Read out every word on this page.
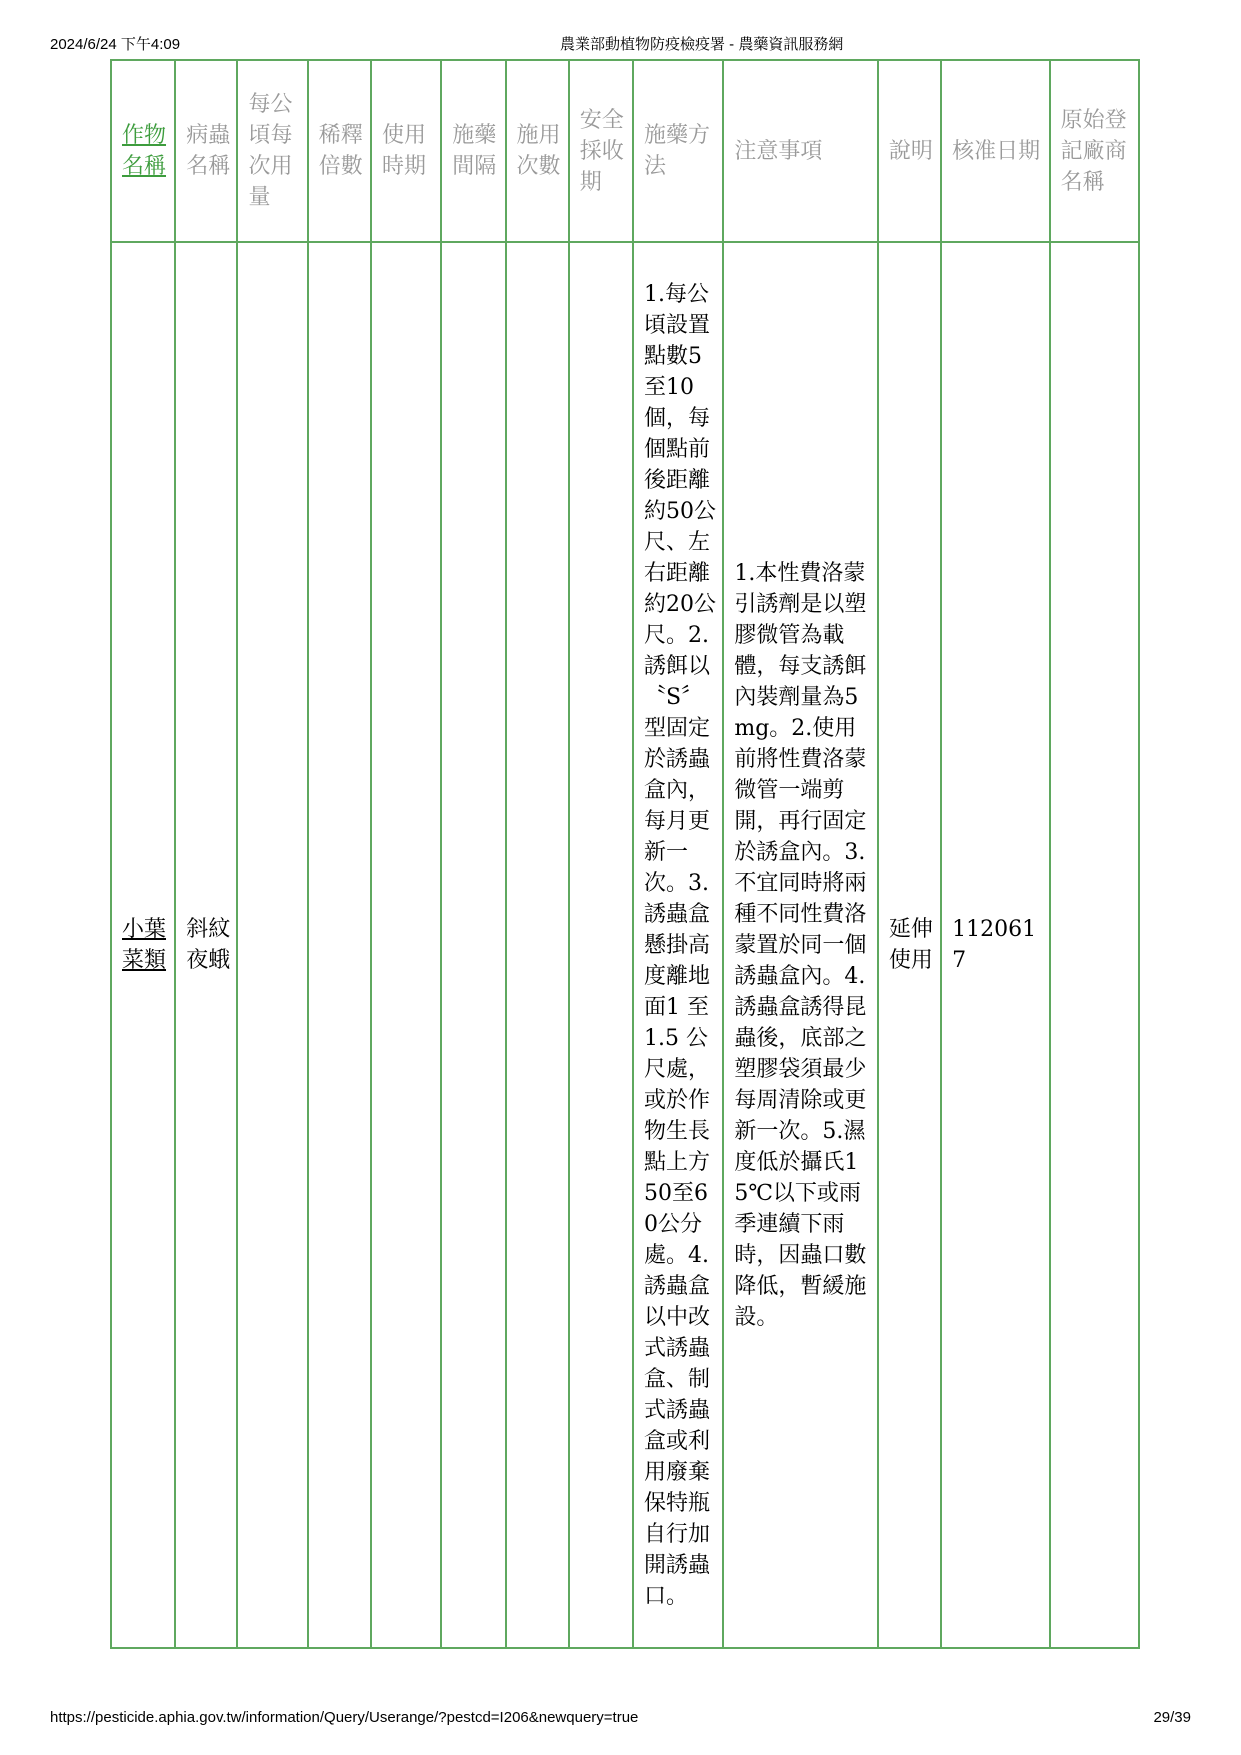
2024/6/24 下午4:09	農業部動植物防疫檢疫署 - 農藥資訊服務網
作物名稱	病蟲名稱	每公頃每次用量	稀釋倍數	使用時期	施藥間隔	施用次數	安全採收期	施藥方法	注意事項	說明	核准日期	原始登記廠商名稱
小葉菜類	斜紋夜蛾							1.每公頃設置點數5至10個，每個點前後距離約50公尺、左右距離約20公尺。2.誘餌以〝S〞型固定於誘蟲盒內，每月更新一次。3.誘蟲盒懸掛高度離地面1 至1.5 公尺處，或於作物生長點上方50至60公分處。4.誘蟲盒以中改式誘蟲盒、制式誘蟲盒或利用廢棄保特瓶自行加開誘蟲口。	1.本性費洛蒙引誘劑是以塑膠微管為載體，每支誘餌內裝劑量為5mg。2.使用前將性費洛蒙微管一端剪開，再行固定於誘盒內。3.不宜同時將兩種不同性費洛蒙置於同一個誘蟲盒內。4.誘蟲盒誘得昆蟲後，底部之塑膠袋須最少每周清除或更新一次。5.濕度低於攝氏15℃以下或雨季連續下雨時，因蟲口數降低，暫緩施設。	延伸使用	1120617	
https://pesticide.aphia.gov.tw/information/Query/Userange/?pestcd=I206&newquery=true	29/39
